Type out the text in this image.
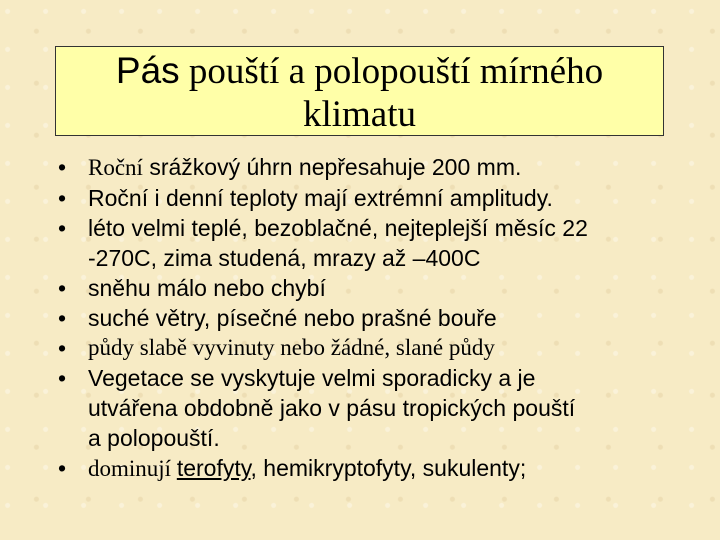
Pás pouští a polopouští mírného
klimatu
• Roční srážkový úhrn nepřesahuje 200 mm.
• Roční i denní teploty mají extrémní amplitudy.
• léto velmi teplé, bezoblačné, nejteplejší měsíc 22
-270C, zima studená, mrazy až –400C
• sněhu málo nebo chybí
• suché větry, písečné nebo prašné bouře
• půdy slabě vyvinuty nebo žádné, slané půdy
• Vegetace se vyskytuje velmi sporadicky a je
utvářena obdobně jako v pásu tropických pouští
a polopouští.
• dominují terofyty, hemikryptofyty, sukulenty;
